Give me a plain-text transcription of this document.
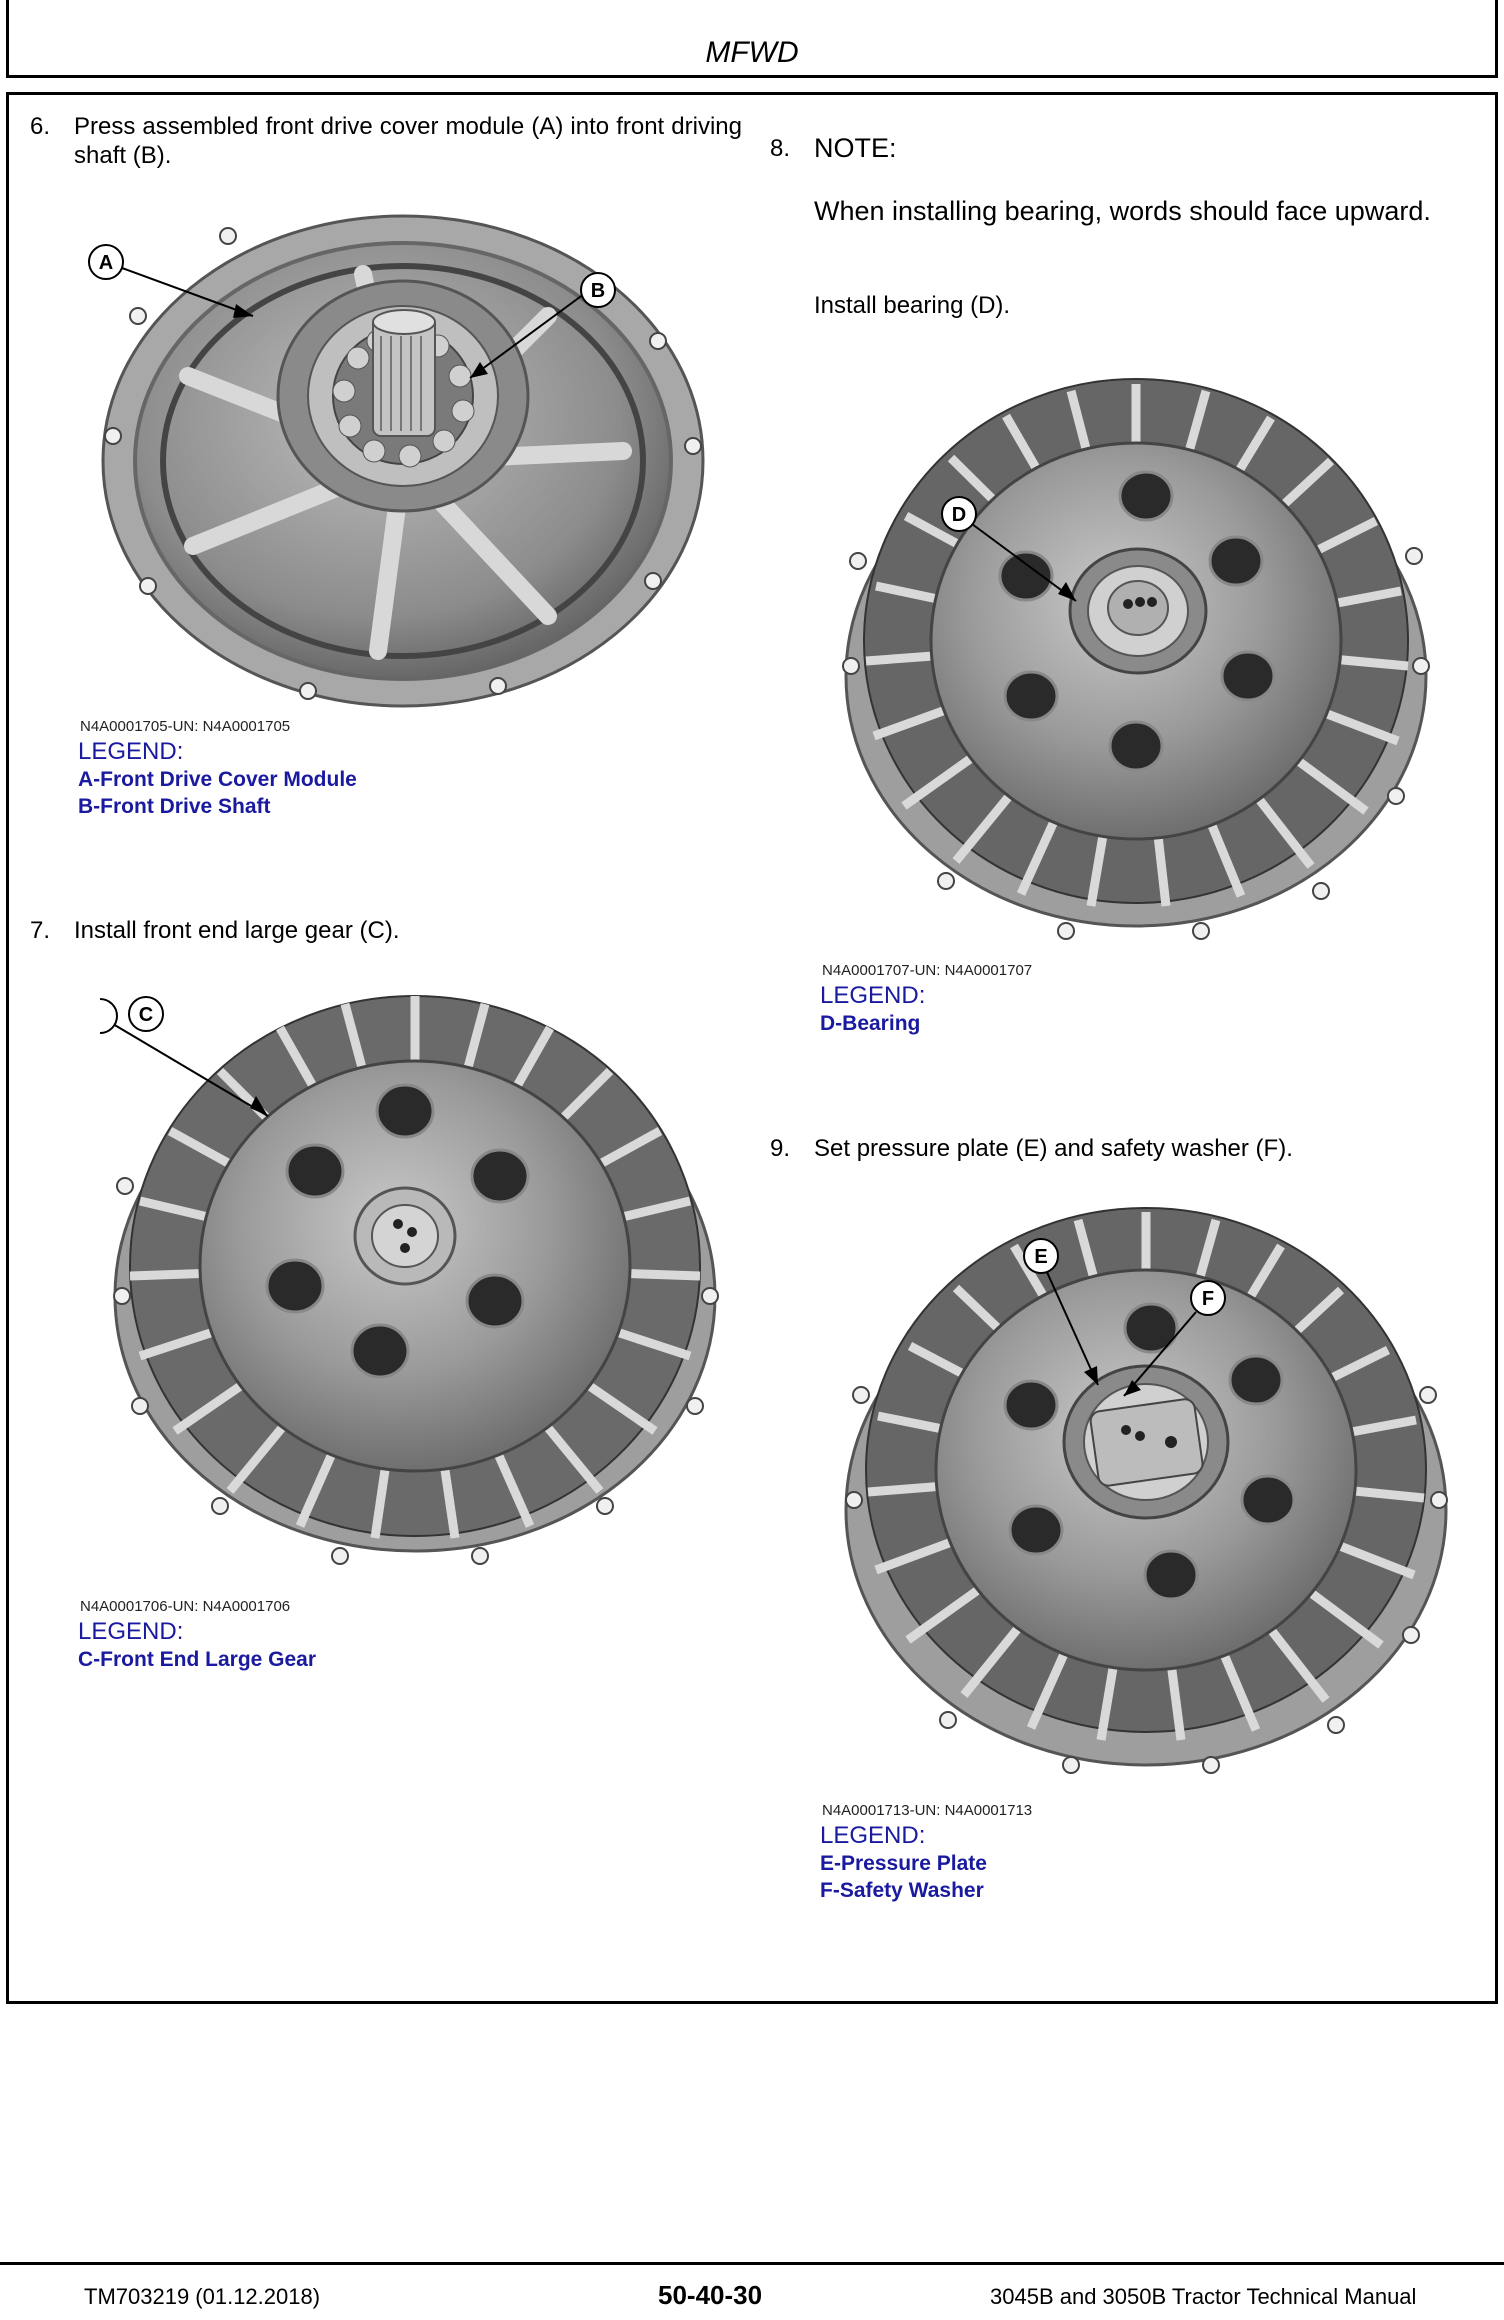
MFWD
6. Press assembled front drive cover module (A) into front driving shaft (B).
A
B
N4A0001705-UN: N4A0001705
LEGEND:
A-Front Drive Cover Module
B-Front Drive Shaft
7. Install front end large gear (C).
C
N4A0001706-UN: N4A0001706
LEGEND:
C-Front End Large Gear
8. NOTE:
When installing bearing, words should face upward.
Install bearing (D).
D
N4A0001707-UN: N4A0001707
LEGEND:
D-Bearing
9. Set pressure plate (E) and safety washer (F).
E
F
N4A0001713-UN: N4A0001713
LEGEND:
E-Pressure Plate
F-Safety Washer
TM703219 (01.12.2018)	50-40-30	3045B and 3050B Tractor Technical Manual
